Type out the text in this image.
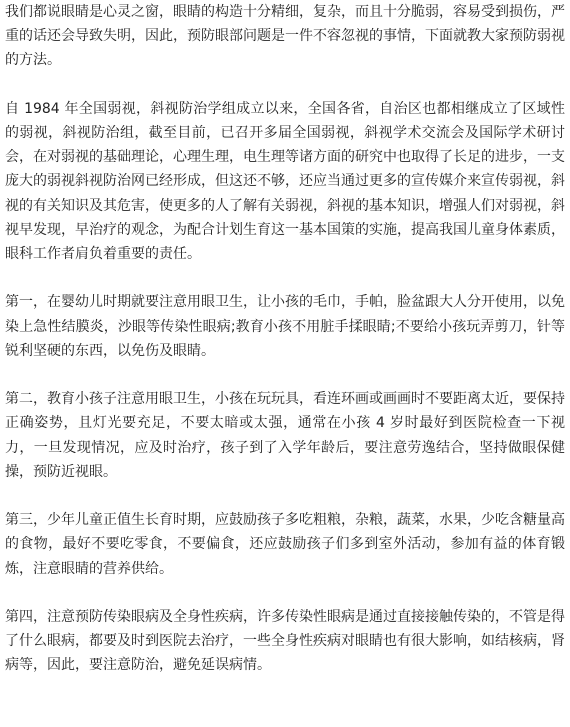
我们都说眼睛是心灵之窗，眼睛的构造十分精细，复杂，而且十分脆弱，容易受到损伤，严重的话还会导致失明，因此，预防眼部问题是一件不容忽视的事情，下面就教大家预防弱视的方法。

自 1984 年全国弱视，斜视防治学组成立以来，全国各省，自治区也都相继成立了区域性的弱视，斜视防治组，截至目前，已召开多届全国弱视，斜视学术交流会及国际学术研讨会，在对弱视的基础理论，心理生理，电生理等诸方面的研究中也取得了长足的进步，一支庞大的弱视斜视防治网已经形成，但这还不够，还应当通过更多的宣传媒介来宣传弱视，斜视的有关知识及其危害，使更多的人了解有关弱视，斜视的基本知识，增强人们对弱视，斜视早发现，早治疗的观念，为配合计划生育这一基本国策的实施，提高我国儿童身体素质，眼科工作者肩负着重要的责任。

第一，在婴幼儿时期就要注意用眼卫生，让小孩的毛巾，手帕，脸盆跟大人分开使用，以免染上急性结膜炎，沙眼等传染性眼病;教育小孩不用脏手揉眼睛;不要给小孩玩弄剪刀，针等锐利坚硬的东西，以免伤及眼睛。

第二，教育小孩子注意用眼卫生，小孩在玩玩具，看连环画或画画时不要距离太近，要保持正确姿势，且灯光要充足，不要太暗或太强，通常在小孩 4 岁时最好到医院检查一下视力，一旦发现情况，应及时治疗，孩子到了入学年龄后，要注意劳逸结合，坚持做眼保健操，预防近视眼。

第三，少年儿童正值生长育时期，应鼓励孩子多吃粗粮，杂粮，蔬菜，水果，少吃含糖量高的食物，最好不要吃零食，不要偏食，还应鼓励孩子们多到室外活动，参加有益的体育锻炼，注意眼睛的营养供给。

第四，注意预防传染眼病及全身性疾病，许多传染性眼病是通过直接接触传染的，不管是得了什么眼病，都要及时到医院去治疗，一些全身性疾病对眼睛也有很大影响，如结核病，肾病等，因此，要注意防治，避免延误病情。
